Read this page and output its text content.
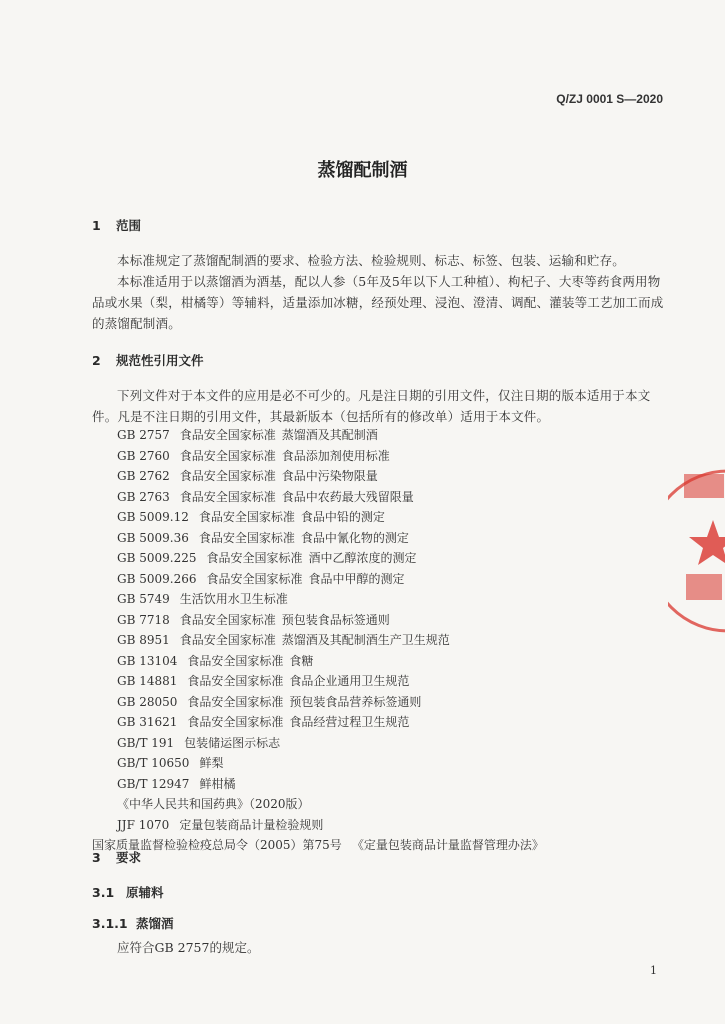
Q/ZJ 0001 S—2020
蒸馏配制酒
1 范围
本标准规定了蒸馏配制酒的要求、检验方法、检验规则、标志、标签、包装、运输和贮存。
本标准适用于以蒸馏酒为酒基，配以人参（5年及5年以下人工种植）、枸杞子、大枣等药食两用物品或水果（梨，柑橘等）等辅料，适量添加冰糖，经预处理、浸泡、澄清、调配、灌装等工艺加工而成的蒸馏配制酒。
2 规范性引用文件
下列文件对于本文件的应用是必不可少的。凡是注日期的引用文件，仅注日期的版本适用于本文件。凡是不注日期的引用文件，其最新版本（包括所有的修改单）适用于本文件。
GB 2757 食品安全国家标准 蒸馏酒及其配制酒
GB 2760 食品安全国家标准 食品添加剂使用标准
GB 2762 食品安全国家标准 食品中污染物限量
GB 2763 食品安全国家标准 食品中农药最大残留限量
GB 5009.12 食品安全国家标准 食品中铅的测定
GB 5009.36 食品安全国家标准 食品中氰化物的测定
GB 5009.225 食品安全国家标准 酒中乙醇浓度的测定
GB 5009.266 食品安全国家标准 食品中甲醇的测定
GB 5749 生活饮用水卫生标准
GB 7718 食品安全国家标准 预包装食品标签通则
GB 8951 食品安全国家标准 蒸馏酒及其配制酒生产卫生规范
GB 13104 食品安全国家标准 食糖
GB 14881 食品安全国家标准 食品企业通用卫生规范
GB 28050 食品安全国家标准 预包装食品营养标签通则
GB 31621 食品安全国家标准 食品经营过程卫生规范
GB/T 191 包装储运图示标志
GB/T 10650 鲜梨
GB/T 12947 鲜柑橘
《中华人民共和国药典》（2020版）
JJF 1070 定量包装商品计量检验规则
国家质量监督检验检疫总局令（2005）第75号 《定量包装商品计量监督管理办法》
3 要求
3.1 原辅料
3.1.1 蒸馏酒
应符合GB 2757的规定。
1
